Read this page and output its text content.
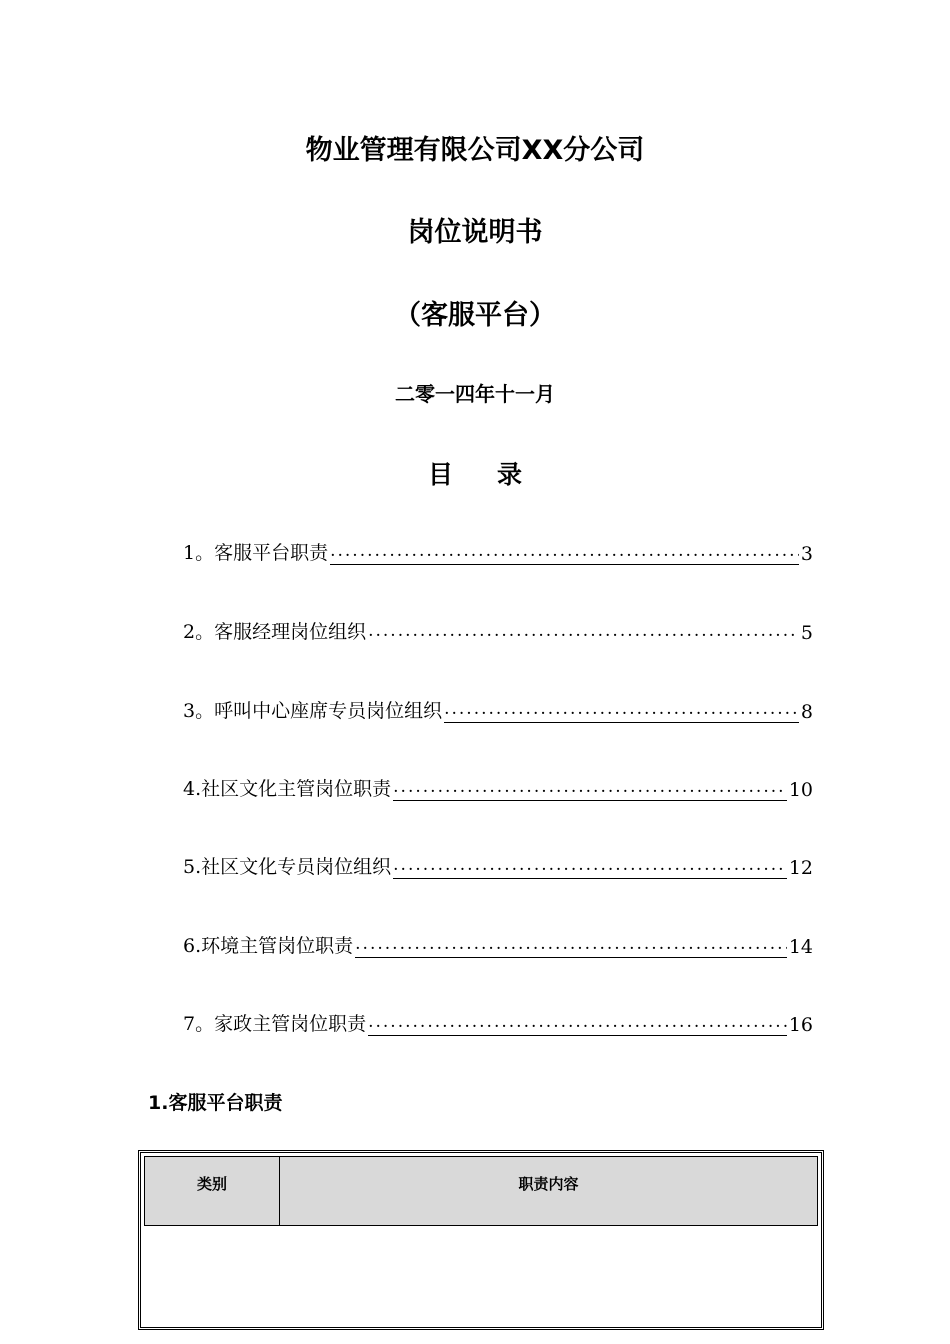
物业管理有限公司XX分公司
岗位说明书
（客服平台）
二零一四年十一月
目 录
1。客服平台职责 .....	3
2。客服经理岗位组织 .....	5
3。呼叫中心座席专员岗位组织 .....	8
4.社区文化主管岗位职责 .....	10
5.社区文化专员岗位组织 .....	12
6.环境主管岗位职责 .....	14
7。家政主管岗位职责 .....	16
1.客服平台职责
类别	职责内容
